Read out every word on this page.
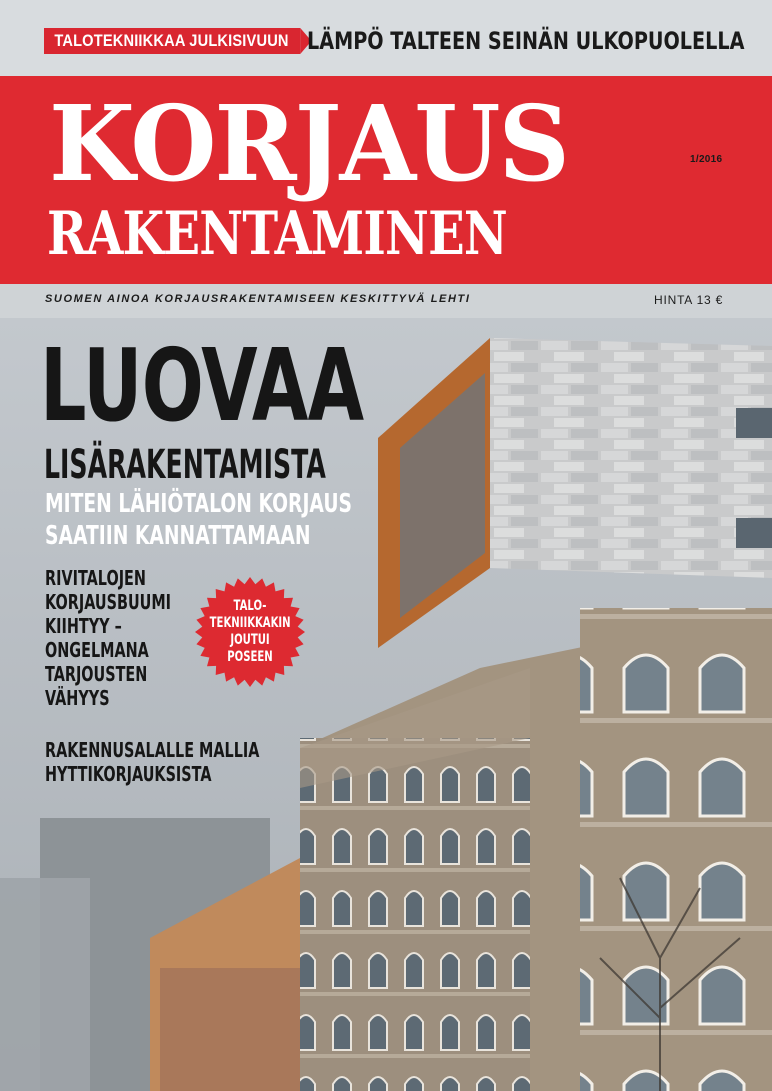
TALOTEKNIIKKAA JULKISIVUUN LÄMPÖ TALTEEN SEINÄN ULKOPUOLELLA
KORJAUS
RAKENTAMINEN
1/2016
SUOMEN AINOA KORJAUSRAKENTAMISEEN KESKITTYVÄ LEHTI	HINTA 13 €
LUOVAA
LISÄRAKENTAMISTA
MITEN LÄHIÖTALON KORJAUS
SAATIIN KANNATTAMAAN
RIVITALOJEN
KORJAUSBUUMI
KIIHTYY –
ONGELMANA
TARJOUSTEN
VÄHYYS
RAKENNUSALALLE MALLIA
HYTTIKORJAUKSISTA
TALO-
TEKNIIKKAKIN
JOUTUI
POSEEN
